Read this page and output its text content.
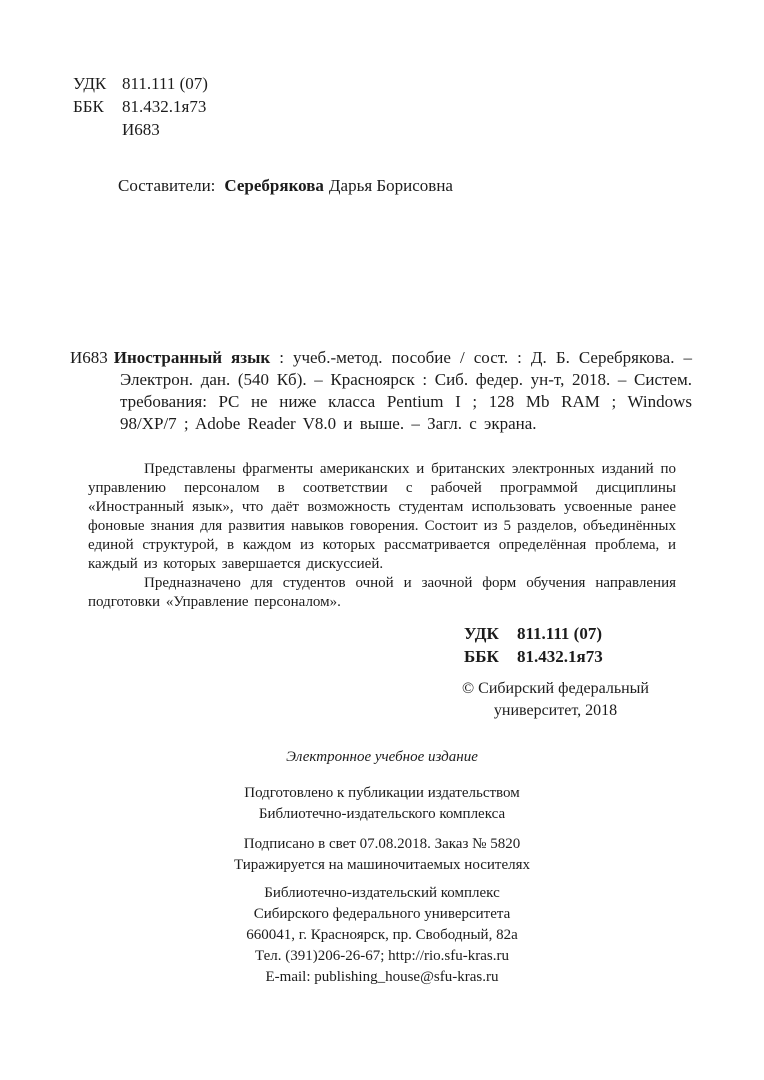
УДК 811.111 (07)
ББК 81.432.1я73
И683

Составители: Серебрякова Дарья Борисовна

И683 Иностранный язык : учеб.-метод. пособие / сост. : Д. Б. Серебрякова. – Электрон. дан. (540 Кб). – Красноярск : Сиб. федер. ун-т, 2018. – Систем. требования: PC не ниже класса Pentium I ; 128 Mb RAM ; Windows 98/XP/7 ; Adobe Reader V8.0 и выше. – Загл. с экрана.

Представлены фрагменты американских и британских электронных изданий по управлению персоналом в соответствии с рабочей программой дисциплины «Иностранный язык», что даёт возможность студентам использовать усвоенные ранее фоновые знания для развития навыков говорения. Состоит из 5 разделов, объединённых единой структурой, в каждом из которых рассматривается определённая проблема, и каждый из которых завершается дискуссией.

Предназначено для студентов очной и заочной форм обучения направления подготовки «Управление персоналом».

УДК 811.111 (07)
ББК 81.432.1я73
© Сибирский федеральный
университет, 2018
Электронное учебное издание
Подготовлено к публикации издательством
Библиотечно-издательского комплекса
Подписано в свет 07.08.2018. Заказ № 5820
Тиражируется на машиночитаемых носителях
Библиотечно-издательский комплекс
Сибирского федерального университета
660041, г. Красноярск, пр. Свободный, 82а
Тел. (391)206-26-67; http://rio.sfu-kras.ru
E-mail: publishing_house@sfu-kras.ru
